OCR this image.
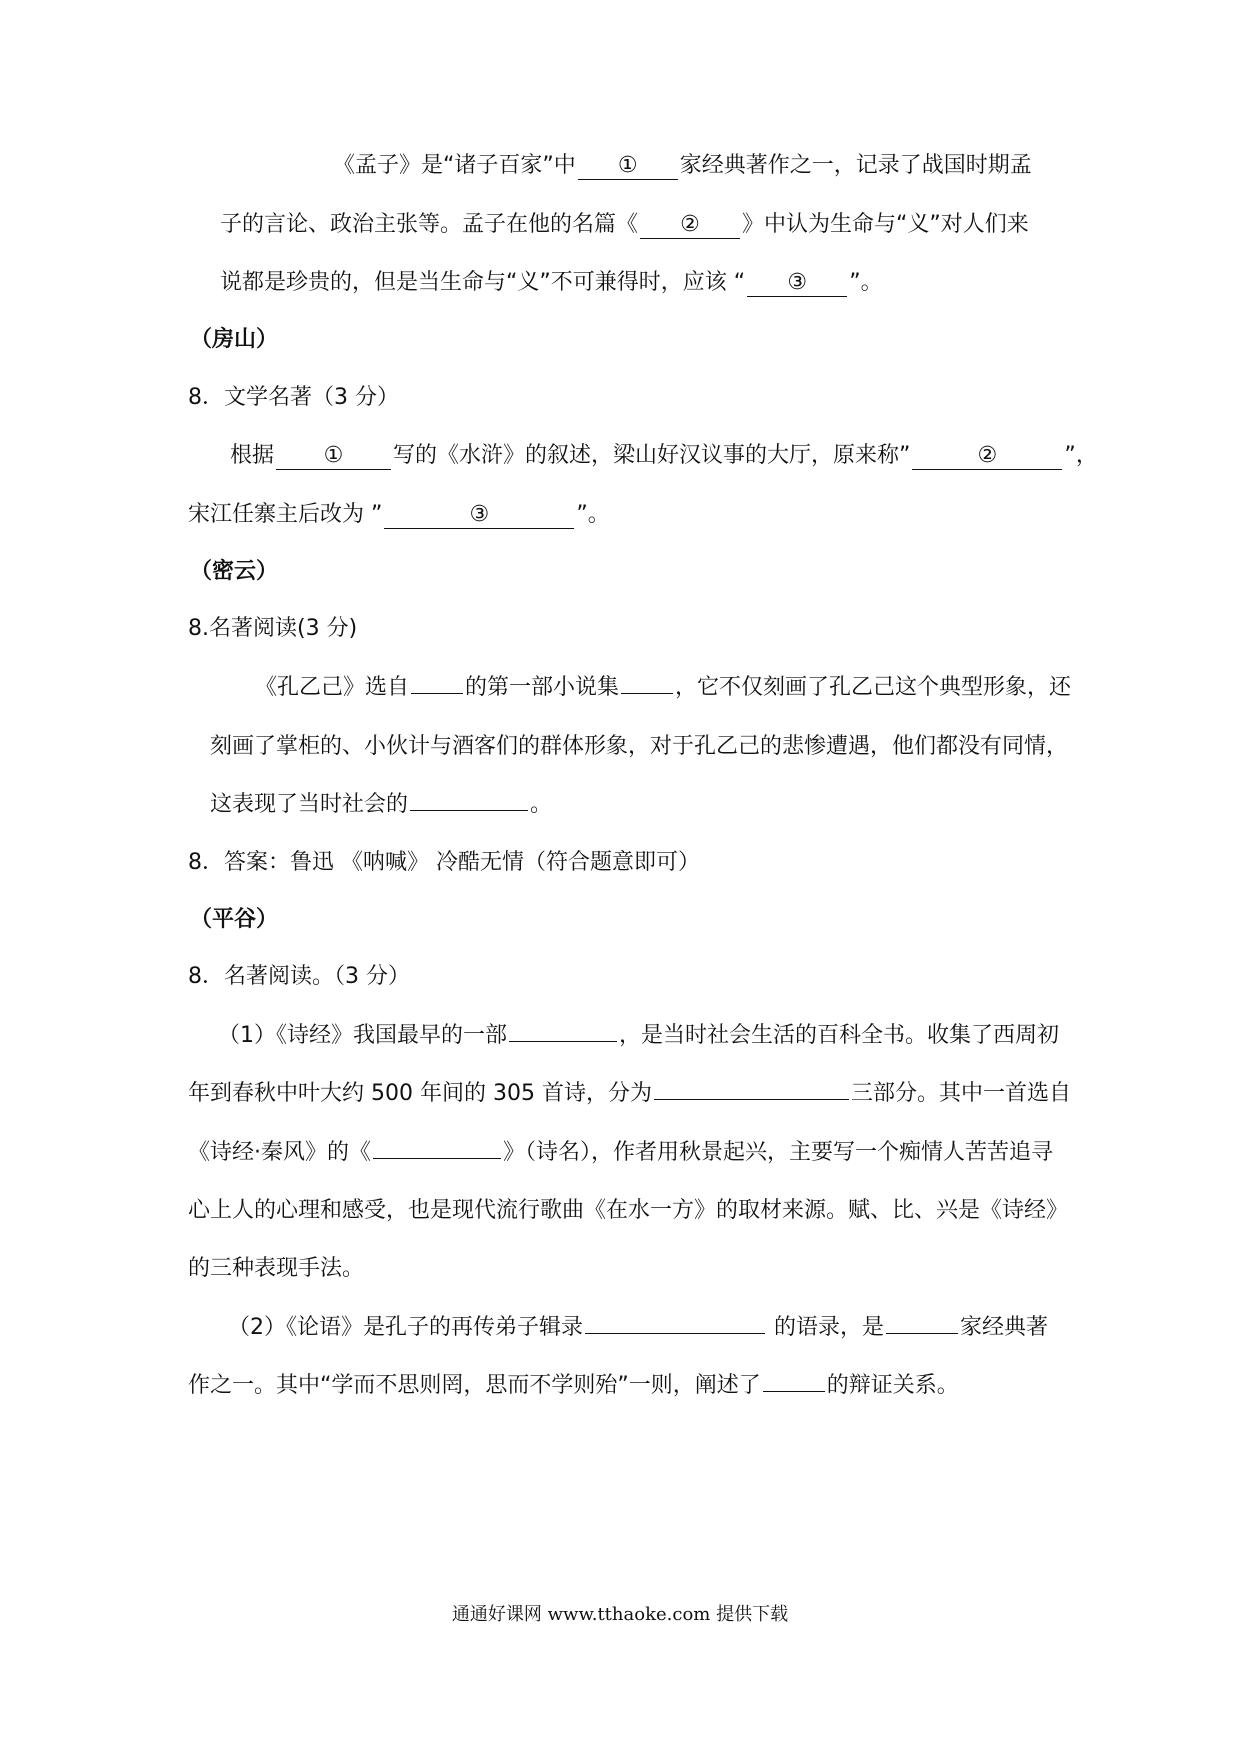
《孟子》是“诸子百家”中 ① 家经典著作之一，记录了战国时期孟
子的言论、政治主张等。孟子在他的名篇《 ② 》中认为生命与“义”对人们来
说都是珍贵的，但是当生命与“义”不可兼得时，应该 “ ③ ”。
（房山）
8．文学名著（3 分）
根据 ① 写的《水浒》的叙述，梁山好汉议事的大厅，原来称”	②	”，
宋江任寨主后改为 ”	③	”。
（密云）
8.名著阅读(3 分)
《孔乙己》选自	的第一部小说集	，它不仅刻画了孔乙己这个典型形象，还
刻画了掌柜的、小伙计与酒客们的群体形象，对于孔乙己的悲惨遭遇，他们都没有同情，
这表现了当时社会的	。
8．答案：鲁迅 《呐喊》 冷酷无情（符合题意即可）
（平谷）
8．名著阅读。（3 分）
（1）《诗经》我国最早的一部	，是当时社会生活的百科全书。收集了西周初
年到春秋中叶大约 500 年间的 305 首诗，分为	三部分。其中一首选自
《诗经·秦风》的《	》（诗名），作者用秋景起兴，主要写一个痴情人苦苦追寻
心上人的心理和感受，也是现代流行歌曲《在水一方》的取材来源。赋、比、兴是《诗经》
的三种表现手法。
（2）《论语》是孔子的再传弟子辑录	的语录，是	家经典著
作之一。其中“学而不思则罔，思而不学则殆”一则，阐述了	的辩证关系。
通通好课网 www.tthaoke.com 提供下载
